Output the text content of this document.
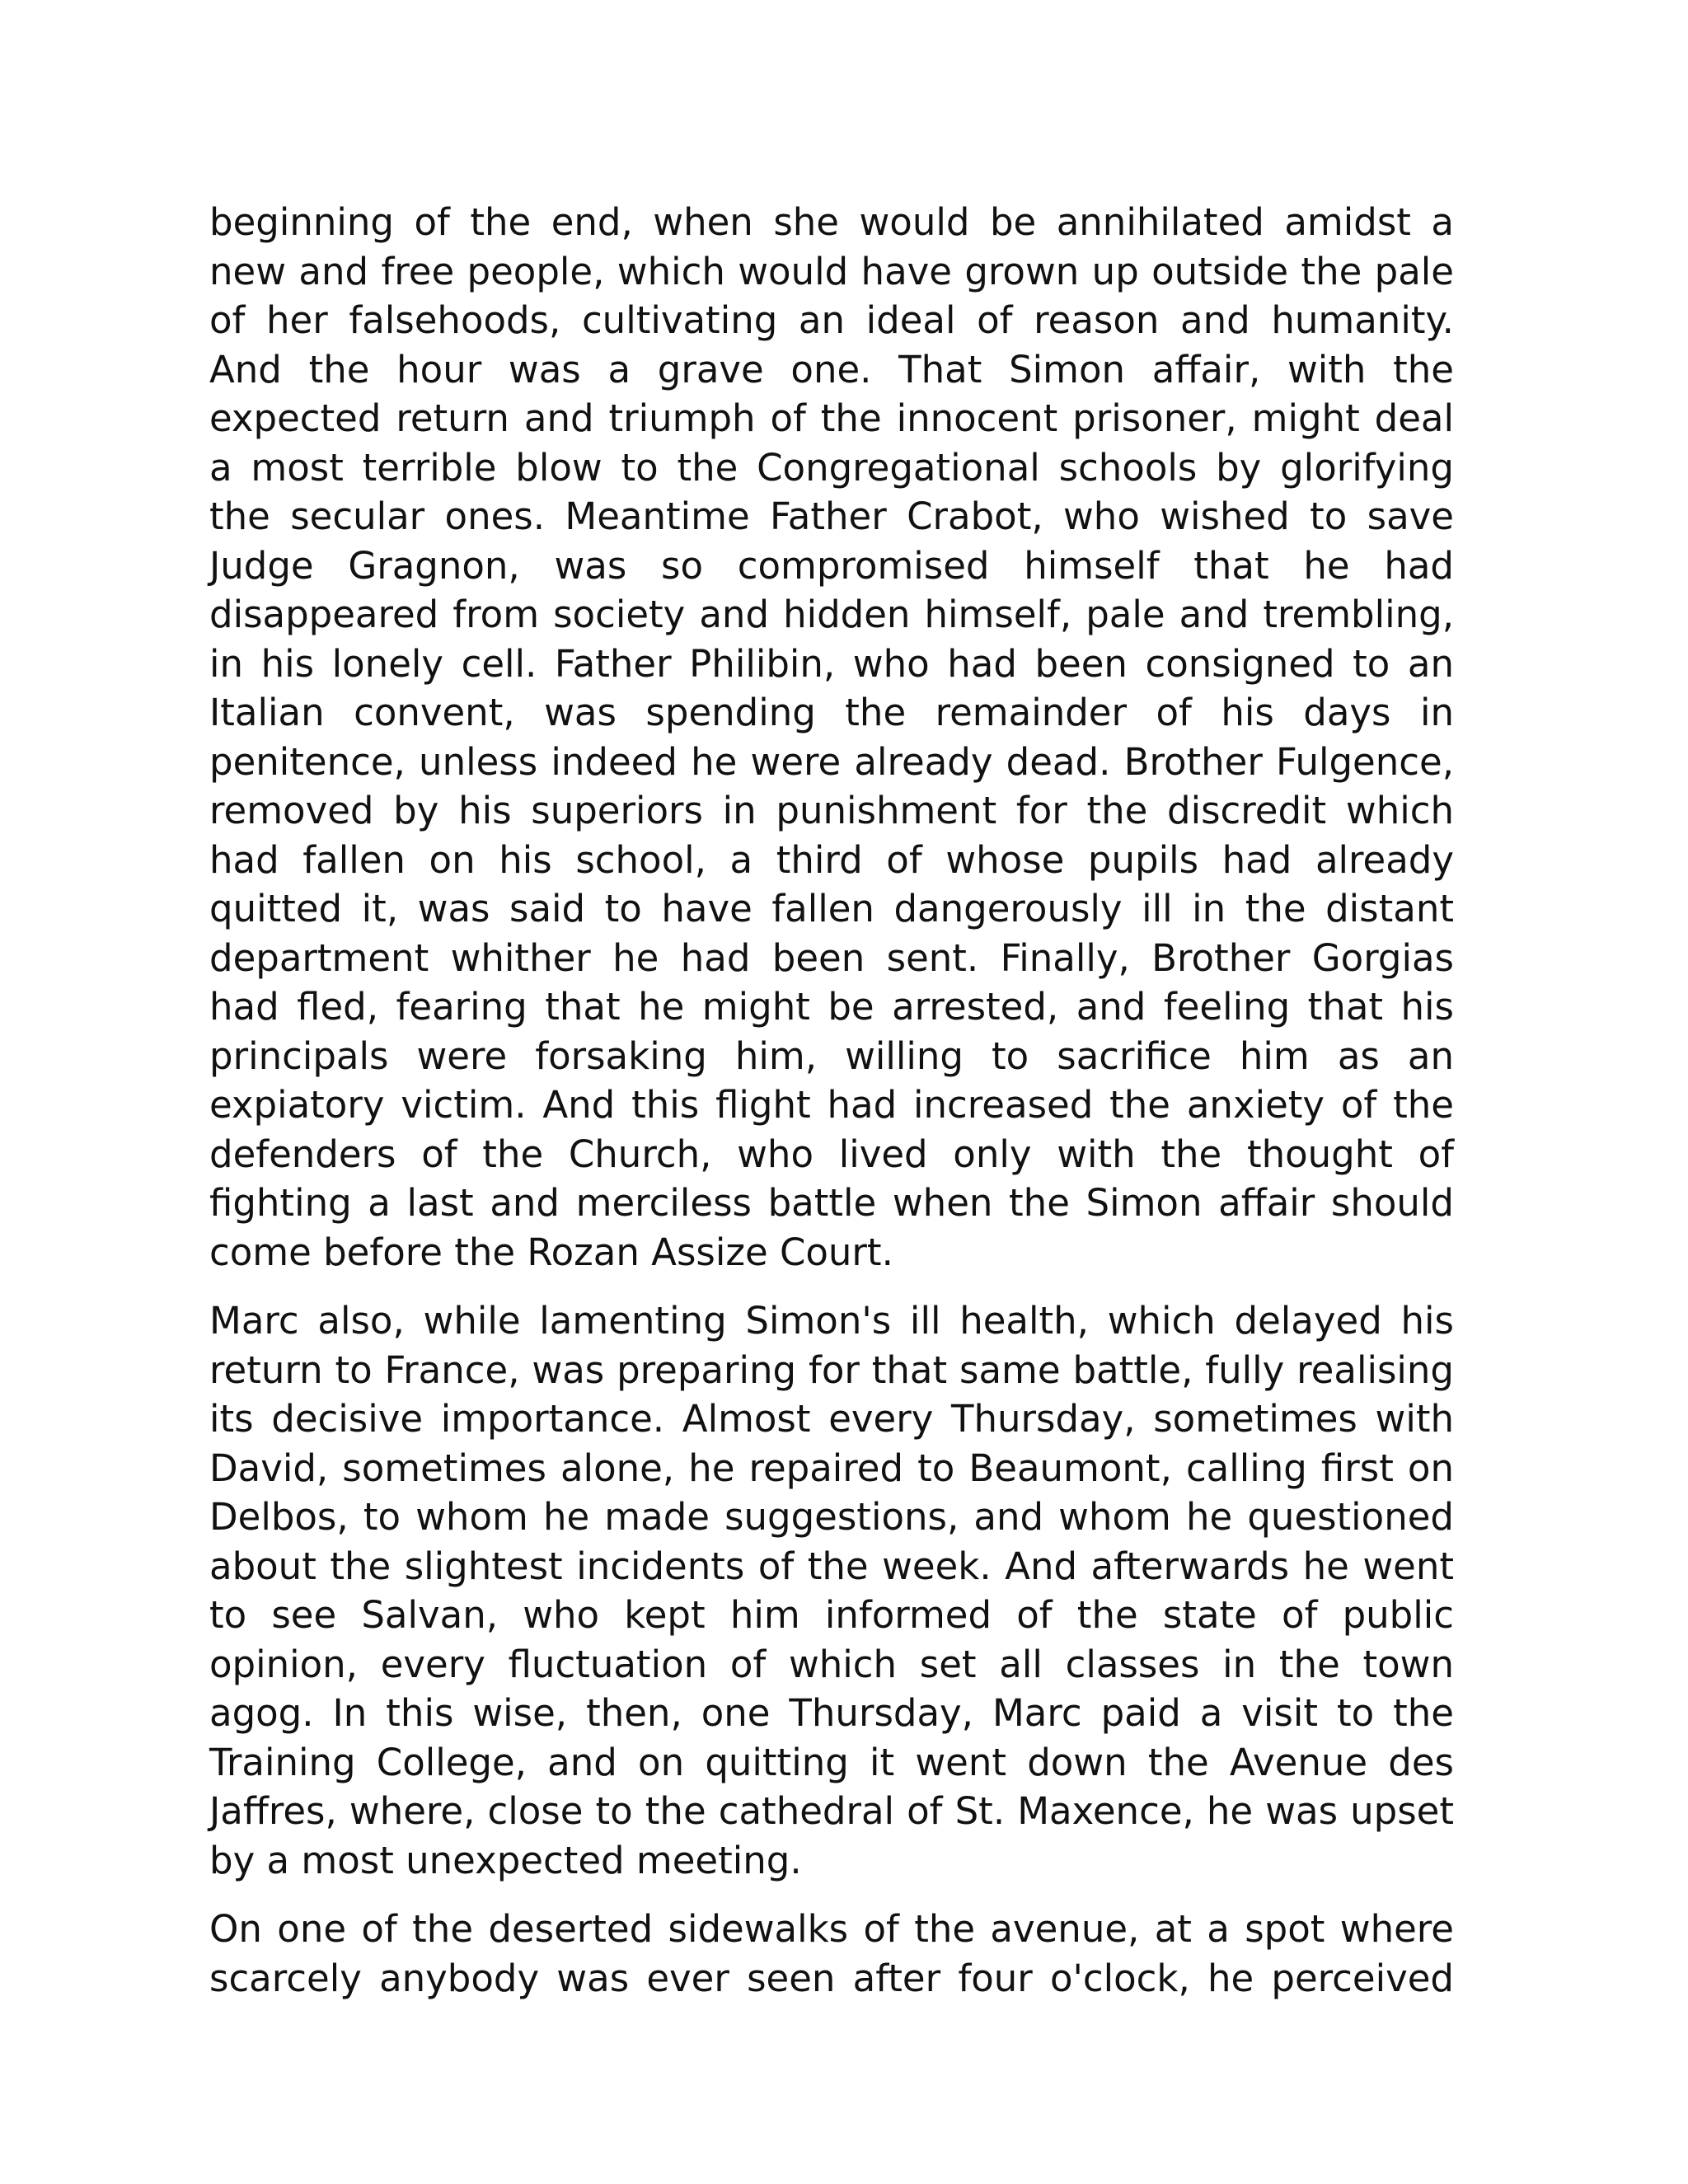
beginning of the end, when she would be annihilated amidst a new and free people, which would have grown up outside the pale of her falsehoods, cultivating an ideal of reason and humanity. And the hour was a grave one. That Simon affair, with the expected return and triumph of the innocent prisoner, might deal a most terrible blow to the Congregational schools by glorifying the secular ones. Meantime Father Crabot, who wished to save Judge Gragnon, was so compromised himself that he had disappeared from society and hidden himself, pale and trembling, in his lonely cell. Father Philibin, who had been consigned to an Italian convent, was spending the remainder of his days in penitence, unless indeed he were already dead. Brother Fulgence, removed by his superiors in punishment for the discredit which had fallen on his school, a third of whose pupils had already quitted it, was said to have fallen dangerously ill in the distant department whither he had been sent. Finally, Brother Gorgias had fled, fearing that he might be arrested, and feeling that his principals were forsaking him, willing to sacrifice him as an expiatory victim. And this flight had increased the anxiety of the defenders of the Church, who lived only with the thought of fighting a last and merciless battle when the Simon affair should come before the Rozan Assize Court.

Marc also, while lamenting Simon's ill health, which delayed his return to France, was preparing for that same battle, fully realising its decisive importance. Almost every Thursday, sometimes with David, sometimes alone, he repaired to Beaumont, calling first on Delbos, to whom he made suggestions, and whom he questioned about the slightest incidents of the week. And afterwards he went to see Salvan, who kept him informed of the state of public opinion, every fluctuation of which set all classes in the town agog. In this wise, then, one Thursday, Marc paid a visit to the Training College, and on quitting it went down the Avenue des Jaffres, where, close to the cathedral of St. Maxence, he was upset by a most unexpected meeting.

On one of the deserted sidewalks of the avenue, at a spot where scarcely anybody was ever seen after four o'clock, he perceived
